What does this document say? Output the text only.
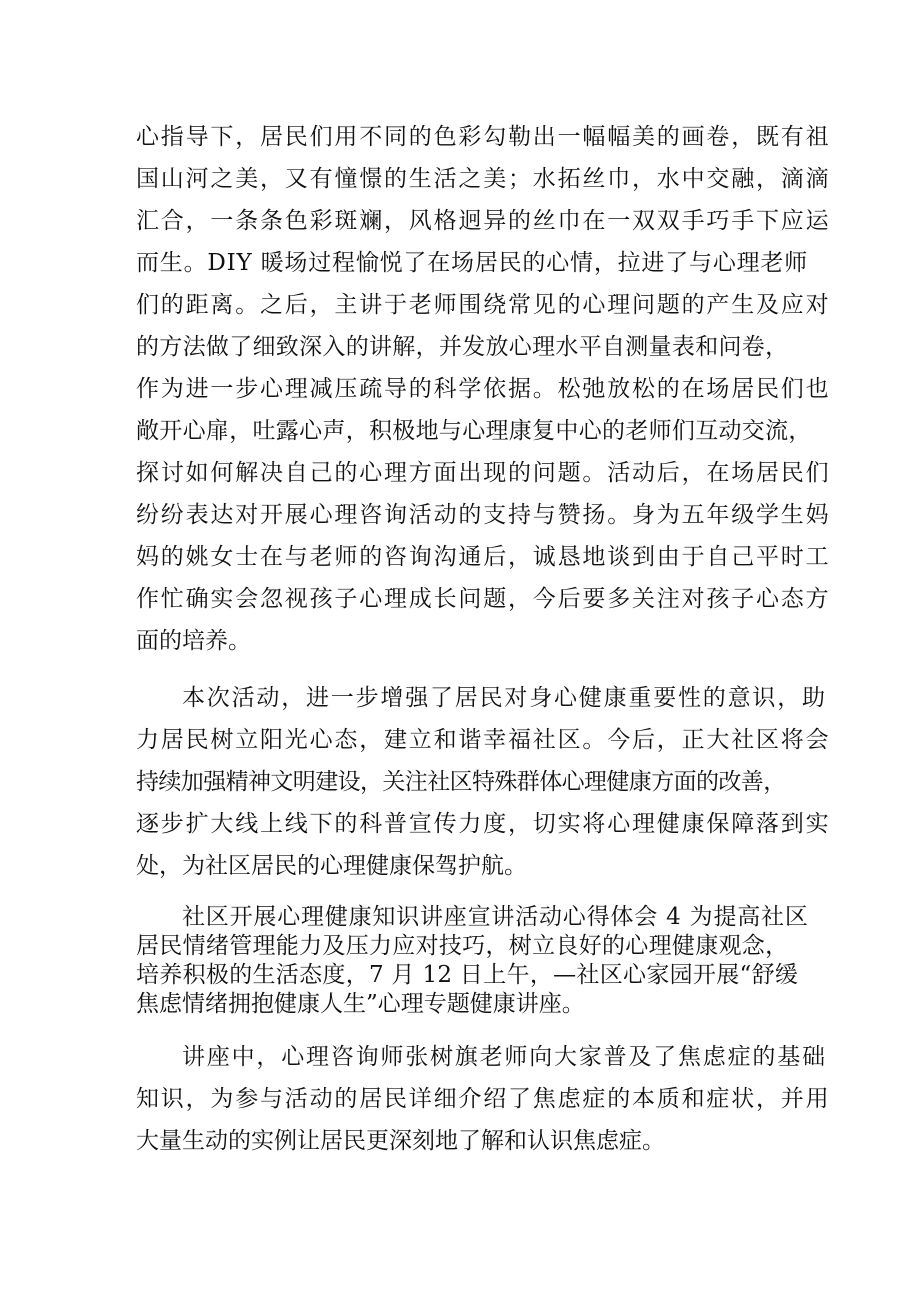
心指导下，居民们用不同的色彩勾勒出一幅幅美的画卷，既有祖
国山河之美，又有憧憬的生活之美；水拓丝巾，水中交融，滴滴
汇合，一条条色彩斑斓，风格迥异的丝巾在一双双手巧手下应运
而生。DIY 暖场过程愉悦了在场居民的心情，拉进了与心理老师
们的距离。之后，主讲于老师围绕常见的心理问题的产生及应对
的方法做了细致深入的讲解，并发放心理水平自测量表和问卷，
作为进一步心理减压疏导的科学依据。松弛放松的在场居民们也
敞开心扉，吐露心声，积极地与心理康复中心的老师们互动交流，
探讨如何解决自己的心理方面出现的问题。活动后，在场居民们
纷纷表达对开展心理咨询活动的支持与赞扬。身为五年级学生妈
妈的姚女士在与老师的咨询沟通后，诚恳地谈到由于自己平时工
作忙确实会忽视孩子心理成长问题，今后要多关注对孩子心态方
面的培养。

本次活动，进一步增强了居民对身心健康重要性的意识，助
力居民树立阳光心态，建立和谐幸福社区。今后，正大社区将会
持续加强精神文明建设，关注社区特殊群体心理健康方面的改善，
逐步扩大线上线下的科普宣传力度，切实将心理健康保障落到实
处，为社区居民的心理健康保驾护航。

社区开展心理健康知识讲座宣讲活动心得体会 4 为提高社区
居民情绪管理能力及压力应对技巧，树立良好的心理健康观念，
培养积极的生活态度，7 月 12 日上午，—社区心家园开展“舒缓
焦虑情绪拥抱健康人生”心理专题健康讲座。

讲座中，心理咨询师张树旗老师向大家普及了焦虑症的基础
知识，为参与活动的居民详细介绍了焦虑症的本质和症状，并用
大量生动的实例让居民更深刻地了解和认识焦虑症。
